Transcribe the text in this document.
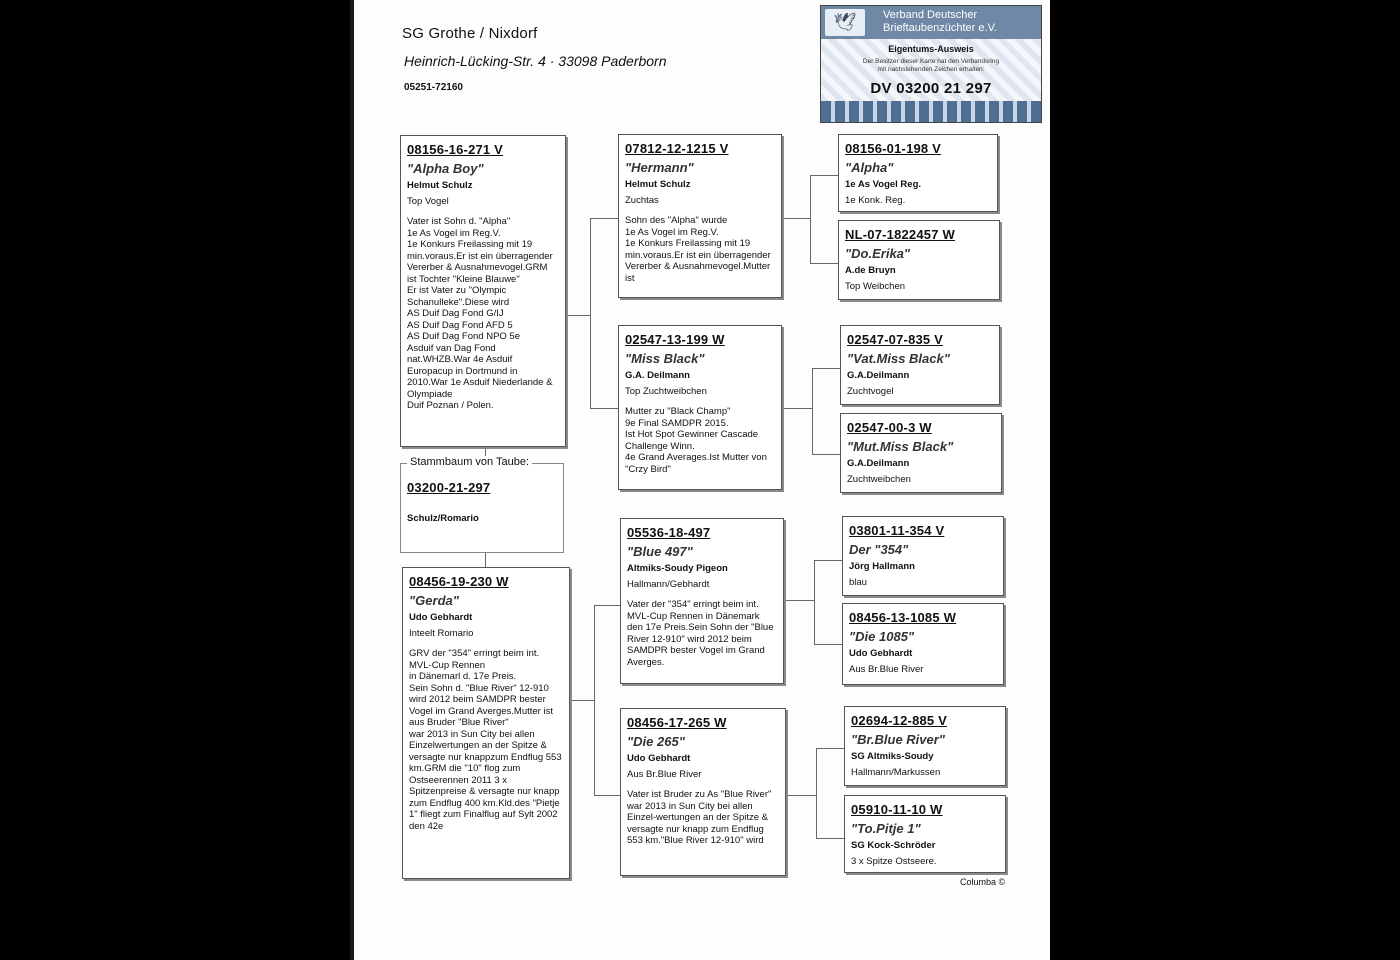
SG Grothe / Nixdorf
Heinrich-Lücking-Str. 4 · 33098 Paderborn
05251-72160
🕊	Verband Deutscher
Brieftaubenzüchter e.V.
Eigentums-Ausweis
Der Besitzer dieser Karte hat den Verbandsring
mit nachstehenden Zeichen erhalten:
DV 03200 21 297
08156-16-271 V
"Alpha Boy"
Helmut Schulz
Top Vogel
Vater ist Sohn d. "Alpha"
1e As Vogel im Reg.V.
1e Konkurs Freilassing mit 19 min.voraus.Er ist ein überragender Vererber & Ausnahmevogel.GRM ist Tochter "Kleine Blauwe"
Er ist Vater zu "Olympic Schanulleke".Diese wird
AS Duif Dag Fond G/IJ
AS Duif Dag Fond AFD 5
AS Duif Dag Fond NPO 5e
Asduif van Dag Fond nat.WHZB.War 4e Asduif Europacup in Dortmund in 2010.War 1e Asduif Niederlande & Olympiade
Duif Poznan / Polen.
Stammbaum von Taube:
03200-21-297
Schulz/Romario
08456-19-230 W
"Gerda"
Udo Gebhardt
Inteelt Romario
GRV der "354" erringt beim int. MVL-Cup Rennen
in Dänemarl d. 17e Preis.
Sein Sohn d. "Blue River" 12-910 wird 2012 beim SAMDPR bester Vogel im Grand Averges.Mutter ist aus Bruder "Blue River"
war 2013 in Sun City bei allen Einzelwertungen an der Spitze & versagte nur knappzum Endflug 553 km.GRM die "10" flog zum Ostseerennen 2011 3 x Spitzenpreise & versagte nur knapp zum Endflug 400 km.Kld.des "Pietje 1" fliegt zum Finalflug auf Sylt 2002 den 42e
07812-12-1215 V
"Hermann"
Helmut Schulz
Zuchtas
Sohn des "Alpha" wurde
1e As Vogel im Reg.V.
1e Konkurs Freilassing mit 19 min.voraus.Er ist ein überragender Vererber & Ausnahmevogel.Mutter ist
02547-13-199 W
"Miss Black"
G.A. Deilmann
Top Zuchtweibchen
Mutter zu "Black Champ"
9e Final SAMDPR 2015.
Ist Hot Spot Gewinner Cascade Challenge Winn.
4e Grand Averages.Ist Mutter von "Crzy Bird"
05536-18-497
"Blue 497"
Altmiks-Soudy Pigeon
Hallmann/Gebhardt
Vater der "354" erringt beim int. MVL-Cup Rennen in Dänemark den 17e Preis.Sein Sohn der "Blue River 12-910" wird 2012 beim SAMDPR bester Vogel im Grand Averges.
08456-17-265 W
"Die 265"
Udo Gebhardt
Aus Br.Blue River
Vater ist Bruder zu As "Blue River" war 2013 in Sun City bei allen Einzel-wertungen an der Spitze & versagte nur knapp zum Endflug 553 km."Blue River 12-910" wird
08156-01-198 V
"Alpha"
1e As Vogel Reg.
1e Konk. Reg.
NL-07-1822457 W
"Do.Erika"
A.de Bruyn
Top Weibchen
02547-07-835 V
"Vat.Miss Black"
G.A.Deilmann
Zuchtvogel
02547-00-3 W
"Mut.Miss Black"
G.A.Deilmann
Zuchtweibchen
03801-11-354 V
Der "354"
Jörg Hallmann
blau
08456-13-1085 W
"Die 1085"
Udo Gebhardt
Aus Br.Blue River
02694-12-885 V
"Br.Blue River"
SG Altmiks-Soudy
Hallmann/Markussen
05910-11-10 W
"To.Pitje 1"
SG Kock-Schröder
3 x Spitze Ostseere.
Columba ©
